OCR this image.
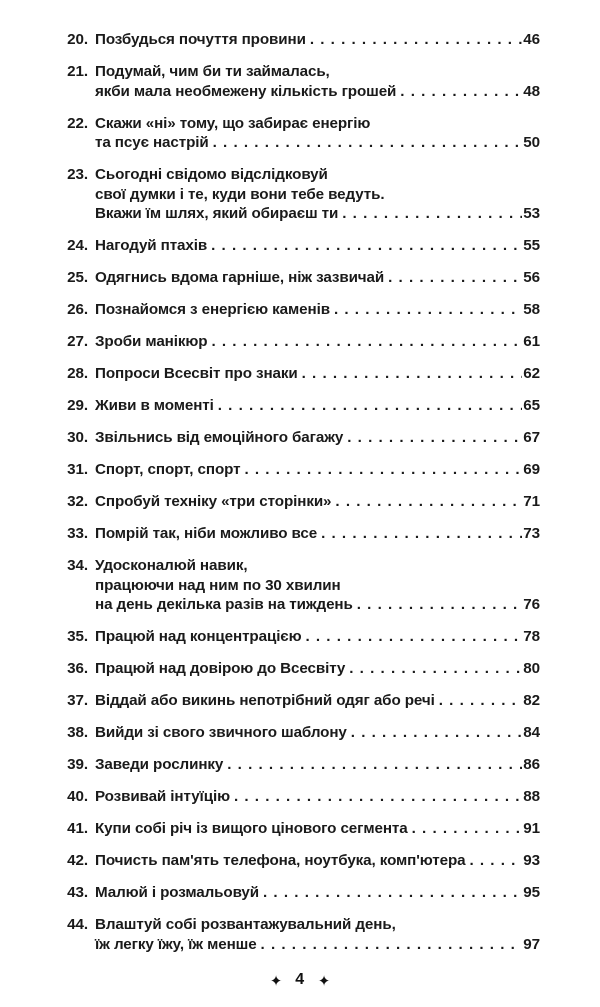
20. Позбудься почуття провини .....	46
21. Подумай, чим би ти займалась,
якби мала необмежену кількість грошей .....	48
22. Скажи «ні» тому, що забирає енергію
та псує настрій .....	50
23. Сьогодні свідомо відслідковуй
свої думки і те, куди вони тебе ведуть.
Вкажи їм шлях, який обираєш ти .....	53
24. Нагодуй птахів .....	55
25. Одягнись вдома гарніше, ніж зазвичай .....	56
26. Познайомся з енергією каменів .....	58
27. Зроби манікюр .....	61
28. Попроси Всесвіт про знаки .....	62
29. Живи в моменті .....	65
30. Звільнись від емоційного багажу .....	67
31. Спорт, спорт, спорт .....	69
32. Спробуй техніку «три сторінки» .....	71
33. Помрій так, ніби можливо все .....	73
34. Удосконалюй навик,
працюючи над ним по 30 хвилин
на день декілька разів на тиждень .....	76
35. Працюй над концентрацією .....	78
36. Працюй над довірою до Всесвіту .....	80
37. Віддай або викинь непотрібний одяг або речі .....	82
38. Вийди зі свого звичного шаблону .....	84
39. Заведи рослинку .....	86
40. Розвивай інтуїцію .....	88
41. Купи собі річ із вищого цінового сегмента .....	91
42. Почисть пам'ять телефона, ноутбука, комп'ютера .....	93
43. Малюй і розмальовуй .....	95
44. Влаштуй собі розвантажувальний день,
їж легку їжу, їж менше .....	97
✦ 4 ✦
